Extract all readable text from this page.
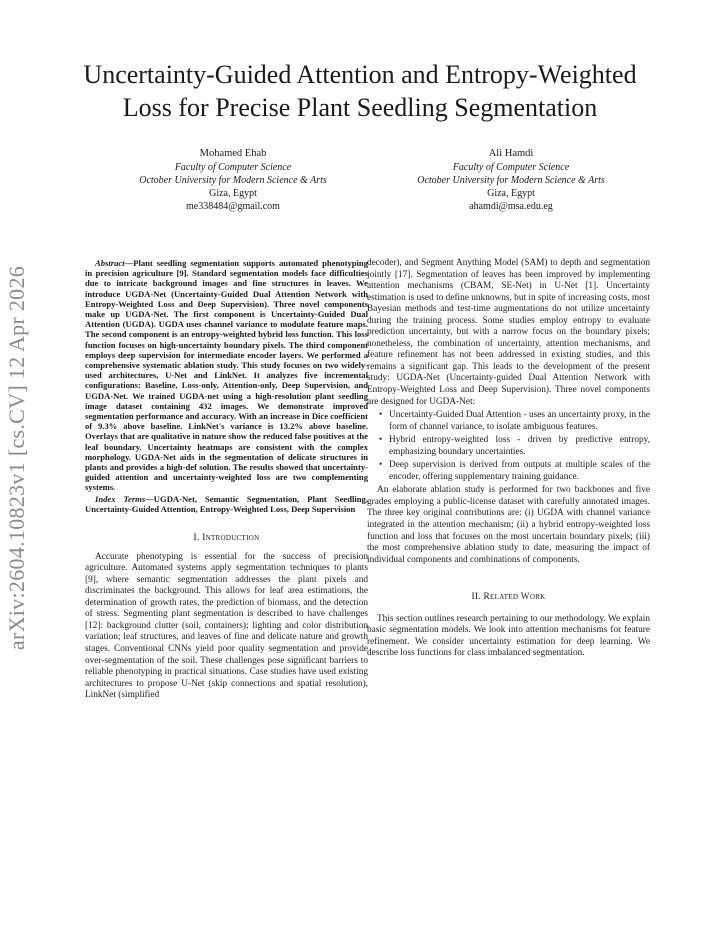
arXiv:2604.10823v1 [cs.CV] 12 Apr 2026
Uncertainty-Guided Attention and Entropy-Weighted
Loss for Precise Plant Seedling Segmentation
Mohamed Ehab
Faculty of Computer Science
October University for Modern Science & Arts
Giza, Egypt
me338484@gmail.com
Ali Hamdi
Faculty of Computer Science
October University for Modern Science & Arts
Giza, Egypt
ahamdi@msa.edu.eg

Abstract—Plant seedling segmentation supports automated phenotyping in precision agriculture [9]. Standard segmentation models face difficulties due to intricate background images and fine structures in leaves. We introduce UGDA-Net (Uncertainty-Guided Dual Attention Network with Entropy-Weighted Loss and Deep Supervision). Three novel components make up UGDA-Net. The first component is Uncertainty-Guided Dual Attention (UGDA). UGDA uses channel variance to modulate feature maps. The second component is an entropy-weighted hybrid loss function. This loss function focuses on high-uncertainty boundary pixels. The third component employs deep supervision for intermediate encoder layers. We performed a comprehensive systematic ablation study. This study focuses on two widely-used architectures, U-Net and LinkNet. It analyzes five incremental configurations: Baseline, Loss-only, Attention-only, Deep Supervision, and UGDA-Net. We trained UGDA-net using a high-resolution plant seedling image dataset containing 432 images. We demonstrate improved segmentation performance and accuracy. With an increase in Dice coefficient of 9.3% above baseline. LinkNet's variance is 13.2% above baseline. Overlays that are qualitative in nature show the reduced false positives at the leaf boundary. Uncertainty heatmaps are consistent with the complex morphology. UGDA-Net aids in the segmentation of delicate structures in plants and provides a high-def solution. The results showed that uncertainty-guided attention and uncertainty-weighted loss are two complementing systems.

Index Terms—UGDA-Net, Semantic Segmentation, Plant Seedling, Uncertainty-Guided Attention, Entropy-Weighted Loss, Deep Supervision

I. Introduction

Accurate phenotyping is essential for the success of precision agriculture. Automated systems apply segmentation techniques to plants [9], where semantic segmentation addresses the plant pixels and discriminates the background. This allows for leaf area estimations, the determination of growth rates, the prediction of biomass, and the detection of stress. Segmenting plant segmentation is described to have challenges [12]: background clutter (soil, containers); lighting and color distribution variation; leaf structures, and leaves of fine and delicate nature and growth stages. Conventional CNNs yield poor quality segmentation and provide over-segmentation of the soil. These challenges pose significant barriers to reliable phenotyping in practical situations. Case studies have used existing architectures to propose U-Net (skip connections and spatial resolution), LinkNet (simplified

decoder), and Segment Anything Model (SAM) to depth and segmentation jointly [17]. Segmentation of leaves has been improved by implementing attention mechanisms (CBAM, SE-Net) in U-Net [1]. Uncertainty estimation is used to define unknowns, but in spite of increasing costs, most Bayesian methods and test-time augmentations do not utilize uncertainty during the training process. Some studies employ entropy to evaluate prediction uncertainty, but with a narrow focus on the boundary pixels; nonetheless, the combination of uncertainty, attention mechanisms, and feature refinement has not been addressed in existing studies, and this remains a significant gap. This leads to the development of the present study: UGDA-Net (Uncertainty-guided Dual Attention Network with Entropy-Weighted Loss and Deep Supervision). Three novel components are designed for UGDA-Net:

• Uncertainty-Guided Dual Attention - uses an uncertainty proxy, in the form of channel variance, to isolate ambiguous features.
• Hybrid entropy-weighted loss - driven by predictive entropy, emphasizing boundary uncertainties.
• Deep supervision is derived from outputs at multiple scales of the encoder, offering supplementary training guidance.

An elaborate ablation study is performed for two backbones and five grades employing a public-license dataset with carefully annotated images. The three key original contributions are: (i) UGDA with channel variance integrated in the attention mechanism; (ii) a hybrid entropy-weighted loss function and loss that focuses on the most uncertain boundary pixels; (iii) the most comprehensive ablation study to date, measuring the impact of individual components and combinations of components.

II. Related Work

This section outlines research pertaining to our methodology. We explain basic segmentation models. We look into attention mechanisms for feature refinement. We consider uncertainty estimation for deep learning. We describe loss functions for class imbalanced segmentation.
